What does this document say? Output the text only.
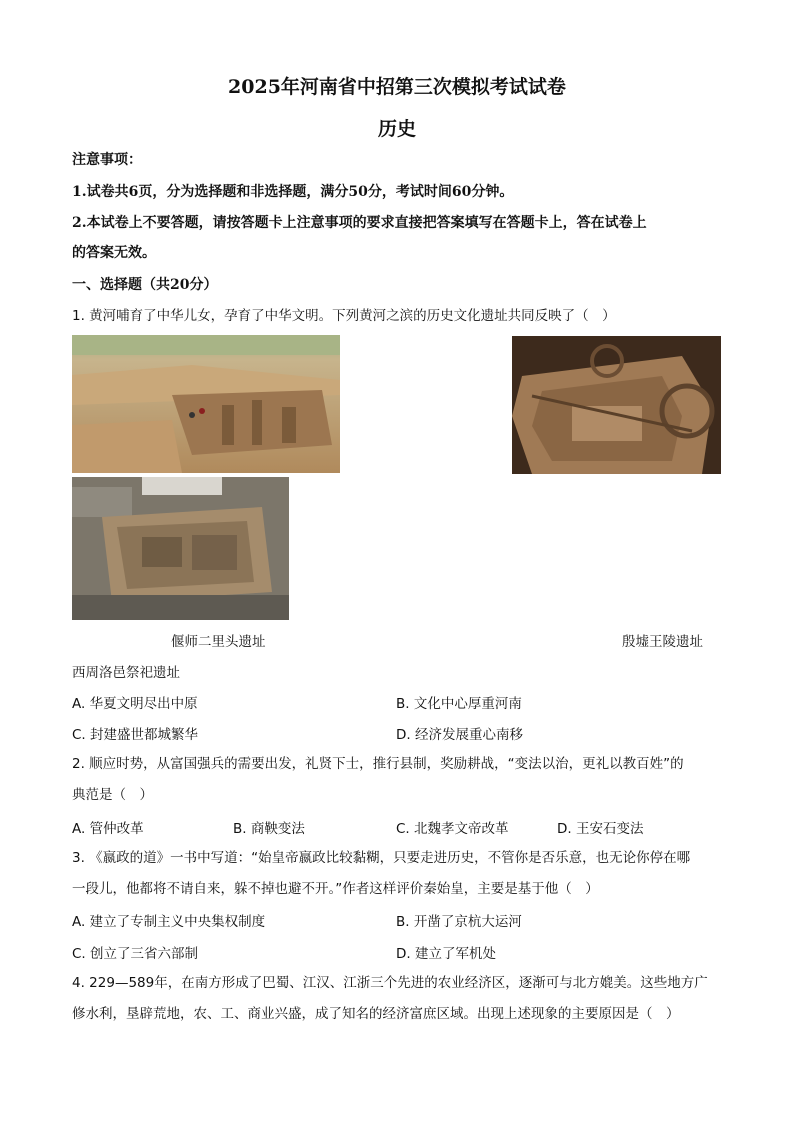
2025年河南省中招第三次模拟考试试卷
历史
注意事项：
1.试卷共6页，分为选择题和非选择题，满分50分，考试时间60分钟。
2.本试卷上不要答题，请按答题卡上注意事项的要求直接把答案填写在答题卡上，答在试卷上
的答案无效。
一、选择题（共20分）
1. 黄河哺育了中华儿女，孕育了中华文明。下列黄河之滨的历史文化遗址共同反映了（　）
偃师二里头遗址	殷墟王陵遗址
西周洛邑祭祀遗址
A. 华夏文明尽出中原	B. 文化中心厚重河南
C. 封建盛世都城繁华	D. 经济发展重心南移
2. 顺应时势，从富国强兵的需要出发，礼贤下士，推行县制，奖励耕战，“变法以治，更礼以教百姓”的
典范是（　）
A. 管仲改革	B. 商鞅变法	C. 北魏孝文帝改革	D. 王安石变法
3. 《嬴政的道》一书中写道：“始皇帝嬴政比较黏糊，只要走进历史，不管你是否乐意，也无论你停在哪
一段儿，他都将不请自来，躲不掉也避不开。”作者这样评价秦始皇，主要是基于他（　）
A. 建立了专制主义中央集权制度	B. 开凿了京杭大运河
C. 创立了三省六部制	D. 建立了军机处
4. 229—589年，在南方形成了巴蜀、江汉、江浙三个先进的农业经济区，逐渐可与北方媲美。这些地方广
修水利，垦辟荒地，农、工、商业兴盛，成了知名的经济富庶区域。出现上述现象的主要原因是（　）
